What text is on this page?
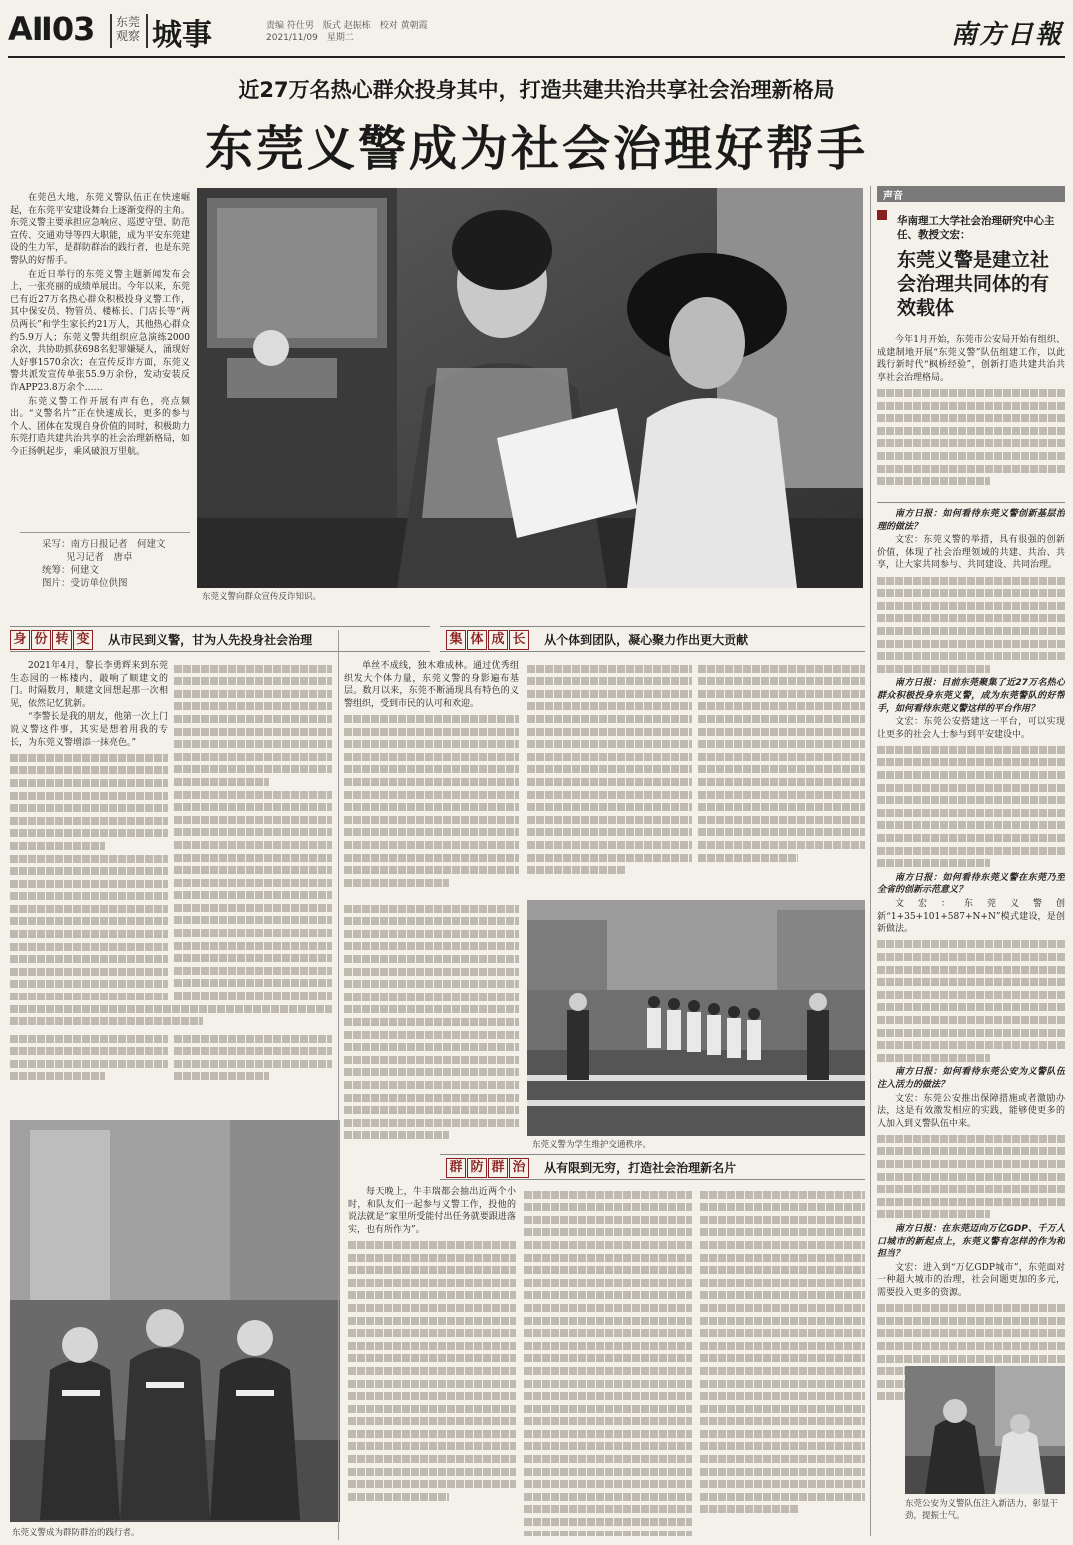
AⅡ03 东莞观察 城事	责编 符仕男　版式 赵振栋　校对 黄朝霞
2021/11/09　星期二	南方日報
近27万名热心群众投身其中，打造共建共治共享社会治理新格局
东莞义警成为社会治理好帮手

在莞邑大地，东莞义警队伍正在快速崛起，在东莞平安建设舞台上逐渐变得的主角。东莞义警主要承担应急响应、巡逻守望、防范宣传、交通劝导等四大职能，成为平安东莞建设的生力军，是群防群治的践行者，也是东莞警队的好帮手。

在近日举行的东莞义警主题新闻发布会上，一张亮丽的成绩单展出。今年以来，东莞已有近27万名热心群众积极投身义警工作，其中保安员、物管员、楼栋长、门店长等“两员两长”和学生家长约21万人，其他热心群众约5.9万人；东莞义警共组织应急演练2000余次，共协助抓获698名犯罪嫌疑人，涌现好人好事1570余次；在宣传反诈方面，东莞义警共派发宣传单张55.9万余份，发动安装反诈APP23.8万余个……

东莞义警工作开展有声有色，亮点频出。“义警名片”正在快速成长，更多的参与个人、团体在发现自身价值的同时，积极助力东莞打造共建共治共享的社会治理新格局，如今正扬帆起步，乘风破浪万里航。

采写：南方日报记者　何建文
见习记者　唐卓
统筹：何建文
图片：受访单位供图
东莞义警向群众宣传反诈知识。
身 份 转 变 从市民到义警，甘为人先投身社会治理	集 体 成 长 从个体到团队，凝心聚力作出更大贡献

2021年4月，黎长李勇辉来到东莞生态园的一栋楼内，敲响了顺建文的门。时隔数月，顺建文回想起那一次相见，依然记忆犹新。

“李警长是我的朋友，他第一次上门说义警这件事，其实是想着用我的专长，为东莞义警增添一抹亮色。”

单丝不成线，独木难成林。通过优秀组织发大个体力量，东莞义警的身影遍布基层。数月以来，东莞不断涌现具有特色的义警组织，受到市民的认可和欢迎。

东莞义警为学生维护交通秩序。
群 防 群 治 从有限到无穷，打造社会治理新名片
东莞义警成为群防群治的践行者。

每天晚上，牛丰瑞都会抽出近两个小时，和队友们一起参与义警工作，投他的说法就是“家里所受能付出任务就要跟进落实，也有所作为”。

声音
华南理工大学社会治理研究中心主任、教授文宏：
东莞义警是建立社会治理共同体的有效载体

今年1月开始，东莞市公安局开始有组织、成建制地开展“东莞义警”队伍组建工作，以此践行新时代“枫桥经验”，创新打造共建共治共享社会治理格局。

南方日报：如何看待东莞义警创新基层治理的做法？

文宏：东莞义警的举措，具有很强的创新价值，体现了社会治理领域的共建、共治、共享，让大家共同参与、共同建设、共同治理。

南方日报：目前东莞聚集了近27万名热心群众积极投身东莞义警，成为东莞警队的好帮手，如何看待东莞义警这样的平台作用？

文宏：东莞公安搭建这一平台，可以实现让更多的社会人士参与到平安建设中。

南方日报：如何看待东莞义警在东莞乃至全省的创新示范意义？

文宏：东莞义警创新“1+35+101+587+N+N”模式建设，是创新做法。

南方日报：如何看待东莞公安为义警队伍注入活力的做法？

文宏：东莞公安推出保障措施或者激励办法，这是有效激发相应的实践，能够使更多的人加入到义警队伍中来。

南方日报：在东莞迈向万亿GDP、千万人口城市的新起点上，东莞义警有怎样的作为和担当？

文宏：进入到“万亿GDP城市”，东莞面对一种超大城市的治理，社会问题更加的多元，需要投入更多的资源。

东莞公安为义警队伍注入新活力，彰显干劲，提振士气。
